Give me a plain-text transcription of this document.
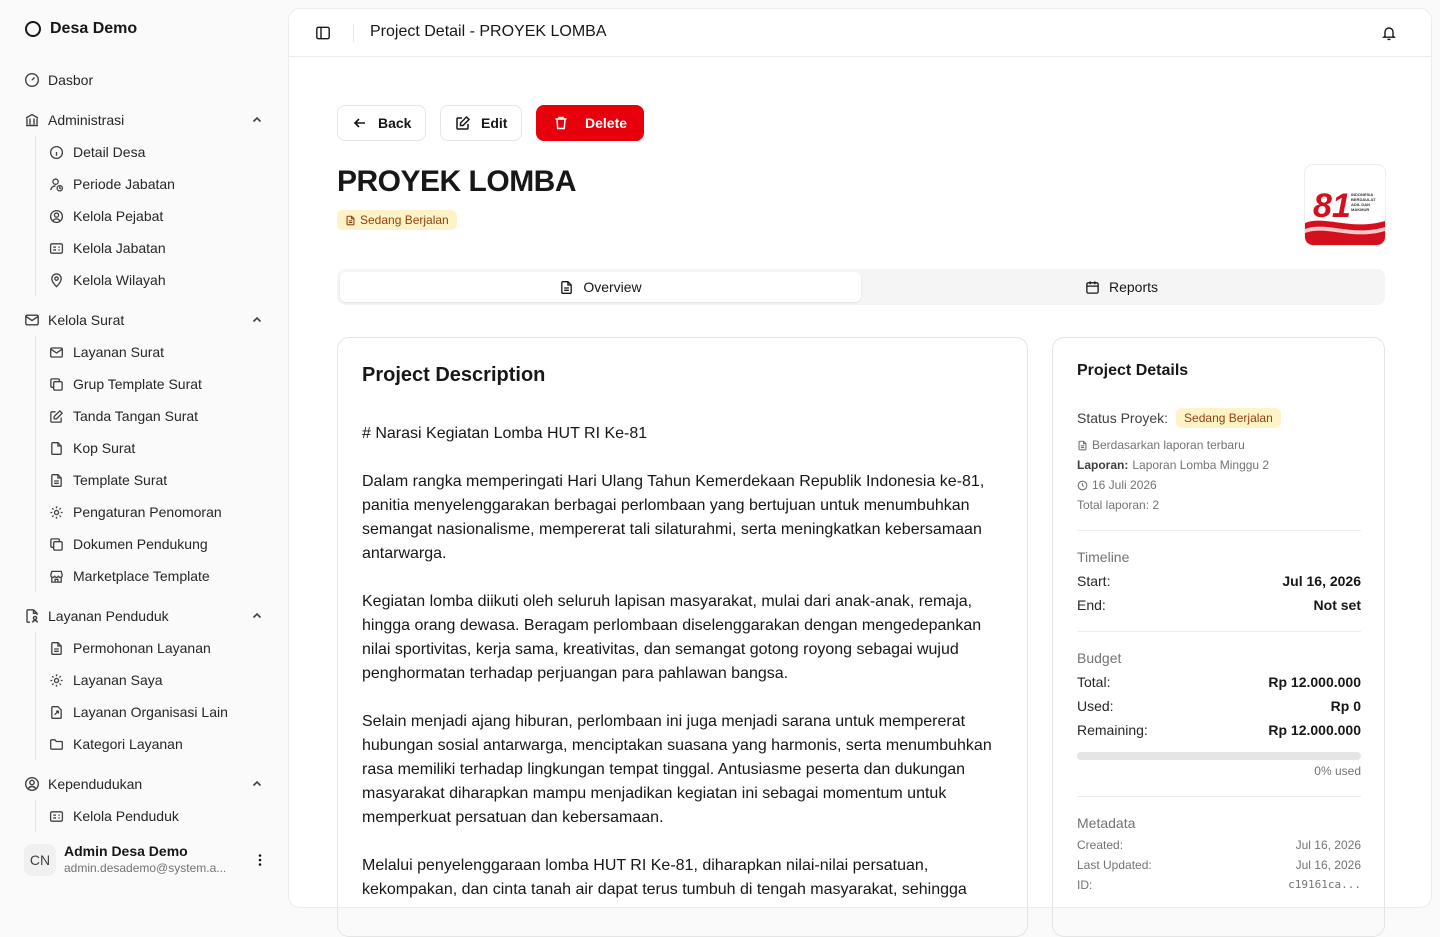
Desa Demo
Dasbor
Administrasi
Detail Desa
Periode Jabatan
Kelola Pejabat
Kelola Jabatan
Kelola Wilayah
Kelola Surat
Layanan Surat
Grup Template Surat
Tanda Tangan Surat
Kop Surat
Template Surat
Pengaturan Penomoran
Dokumen Pendukung
Marketplace Template
Layanan Penduduk
Permohonan Layanan
Layanan Saya
Layanan Organisasi Lain
Kategori Layanan
Kependudukan
Kelola Penduduk
CN
Admin Desa Demo
admin.desademo@system.a...
Project Detail - PROYEK LOMBA
Back	Edit	Delete
PROYEK LOMBA
Sedang Berjalan	81 INDONESIA
BERDAULAT
ADIL DAN
MAKMUR
Overview	Reports
Project Description

# Narasi Kegiatan Lomba HUT RI Ke-81

Dalam rangka memperingati Hari Ulang Tahun Kemerdekaan Republik Indonesia ke-81, panitia menyelenggarakan berbagai perlombaan yang bertujuan untuk menumbuhkan semangat nasionalisme, mempererat tali silaturahmi, serta meningkatkan kebersamaan antarwarga.

Kegiatan lomba diikuti oleh seluruh lapisan masyarakat, mulai dari anak-anak, remaja, hingga orang dewasa. Beragam perlombaan diselenggarakan dengan mengedepankan nilai sportivitas, kerja sama, kreativitas, dan semangat gotong royong sebagai wujud penghormatan terhadap perjuangan para pahlawan bangsa.

Selain menjadi ajang hiburan, perlombaan ini juga menjadi sarana untuk mempererat hubungan sosial antarwarga, menciptakan suasana yang harmonis, serta menumbuhkan rasa memiliki terhadap lingkungan tempat tinggal. Antusiasme peserta dan dukungan masyarakat diharapkan mampu menjadikan kegiatan ini sebagai momentum untuk memperkuat persatuan dan kebersamaan.

Melalui penyelenggaraan lomba HUT RI Ke-81, diharapkan nilai-nilai persatuan, kekompakan, dan cinta tanah air dapat terus tumbuh di tengah masyarakat, sehingga

Project Details
Status Proyek:	Sedang Berjalan
Berdasarkan laporan terbaru
Laporan: Laporan Lomba Minggu 2
16 Juli 2026
Total laporan: 2
Timeline
Start:	Jul 16, 2026
End:	Not set
Budget
Total:	Rp 12.000.000
Used:	Rp 0
Remaining:	Rp 12.000.000
0% used
Metadata
Created:	Jul 16, 2026
Last Updated:	Jul 16, 2026
ID:	c19161ca...
